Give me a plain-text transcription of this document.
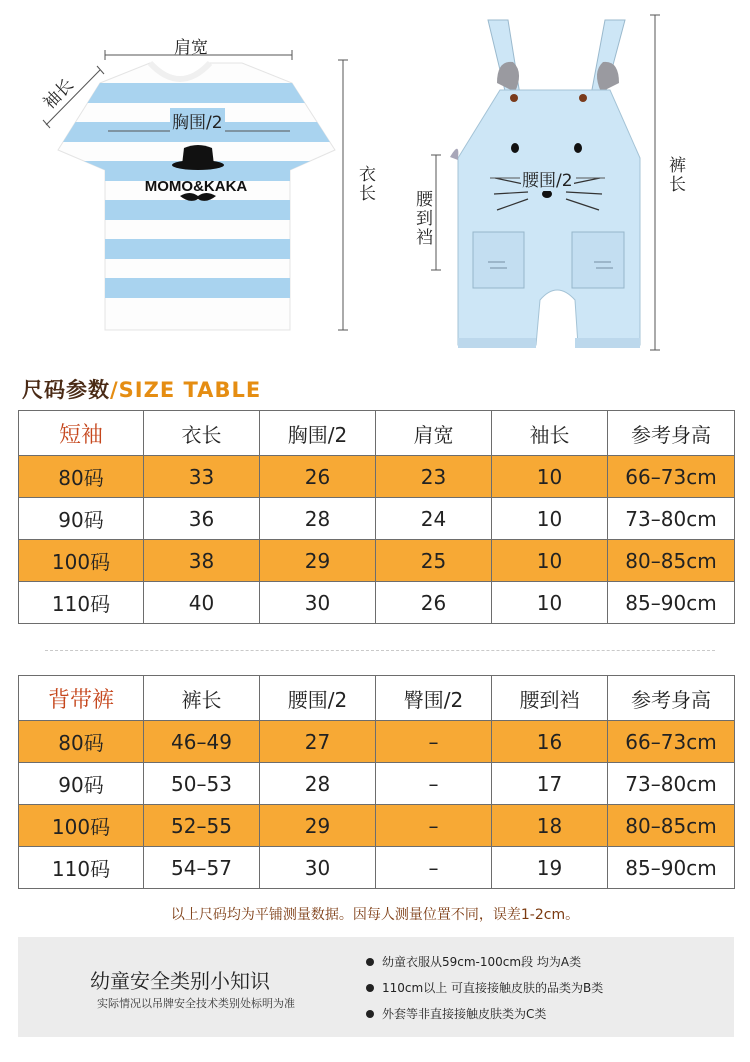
MOMO&KAKA
肩宽
袖长
胸围/2
衣长	腰围/2
腰到裆
裤长
尺码参数/SIZE TABLE
短袖	衣长	胸围/2	肩宽	袖长	参考身高
80码	33	26	23	10	66–73cm
90码	36	28	24	10	73–80cm
100码	38	29	25	10	80–85cm
110码	40	30	26	10	85–90cm
背带裤	裤长	腰围/2	臀围/2	腰到裆	参考身高
80码	46–49	27	–	16	66–73cm
90码	50–53	28	–	17	73–80cm
100码	52–55	29	–	18	80–85cm
110码	54–57	30	–	19	85–90cm
以上尺码均为平铺测量数据。因每人测量位置不同，误差1-2cm。
幼童安全类别小知识
实际情况以吊牌安全技术类别处标明为准
幼童衣服从59cm-100cm段 均为A类
110cm以上 可直接接触皮肤的品类为B类
外套等非直接接触皮肤类为C类
